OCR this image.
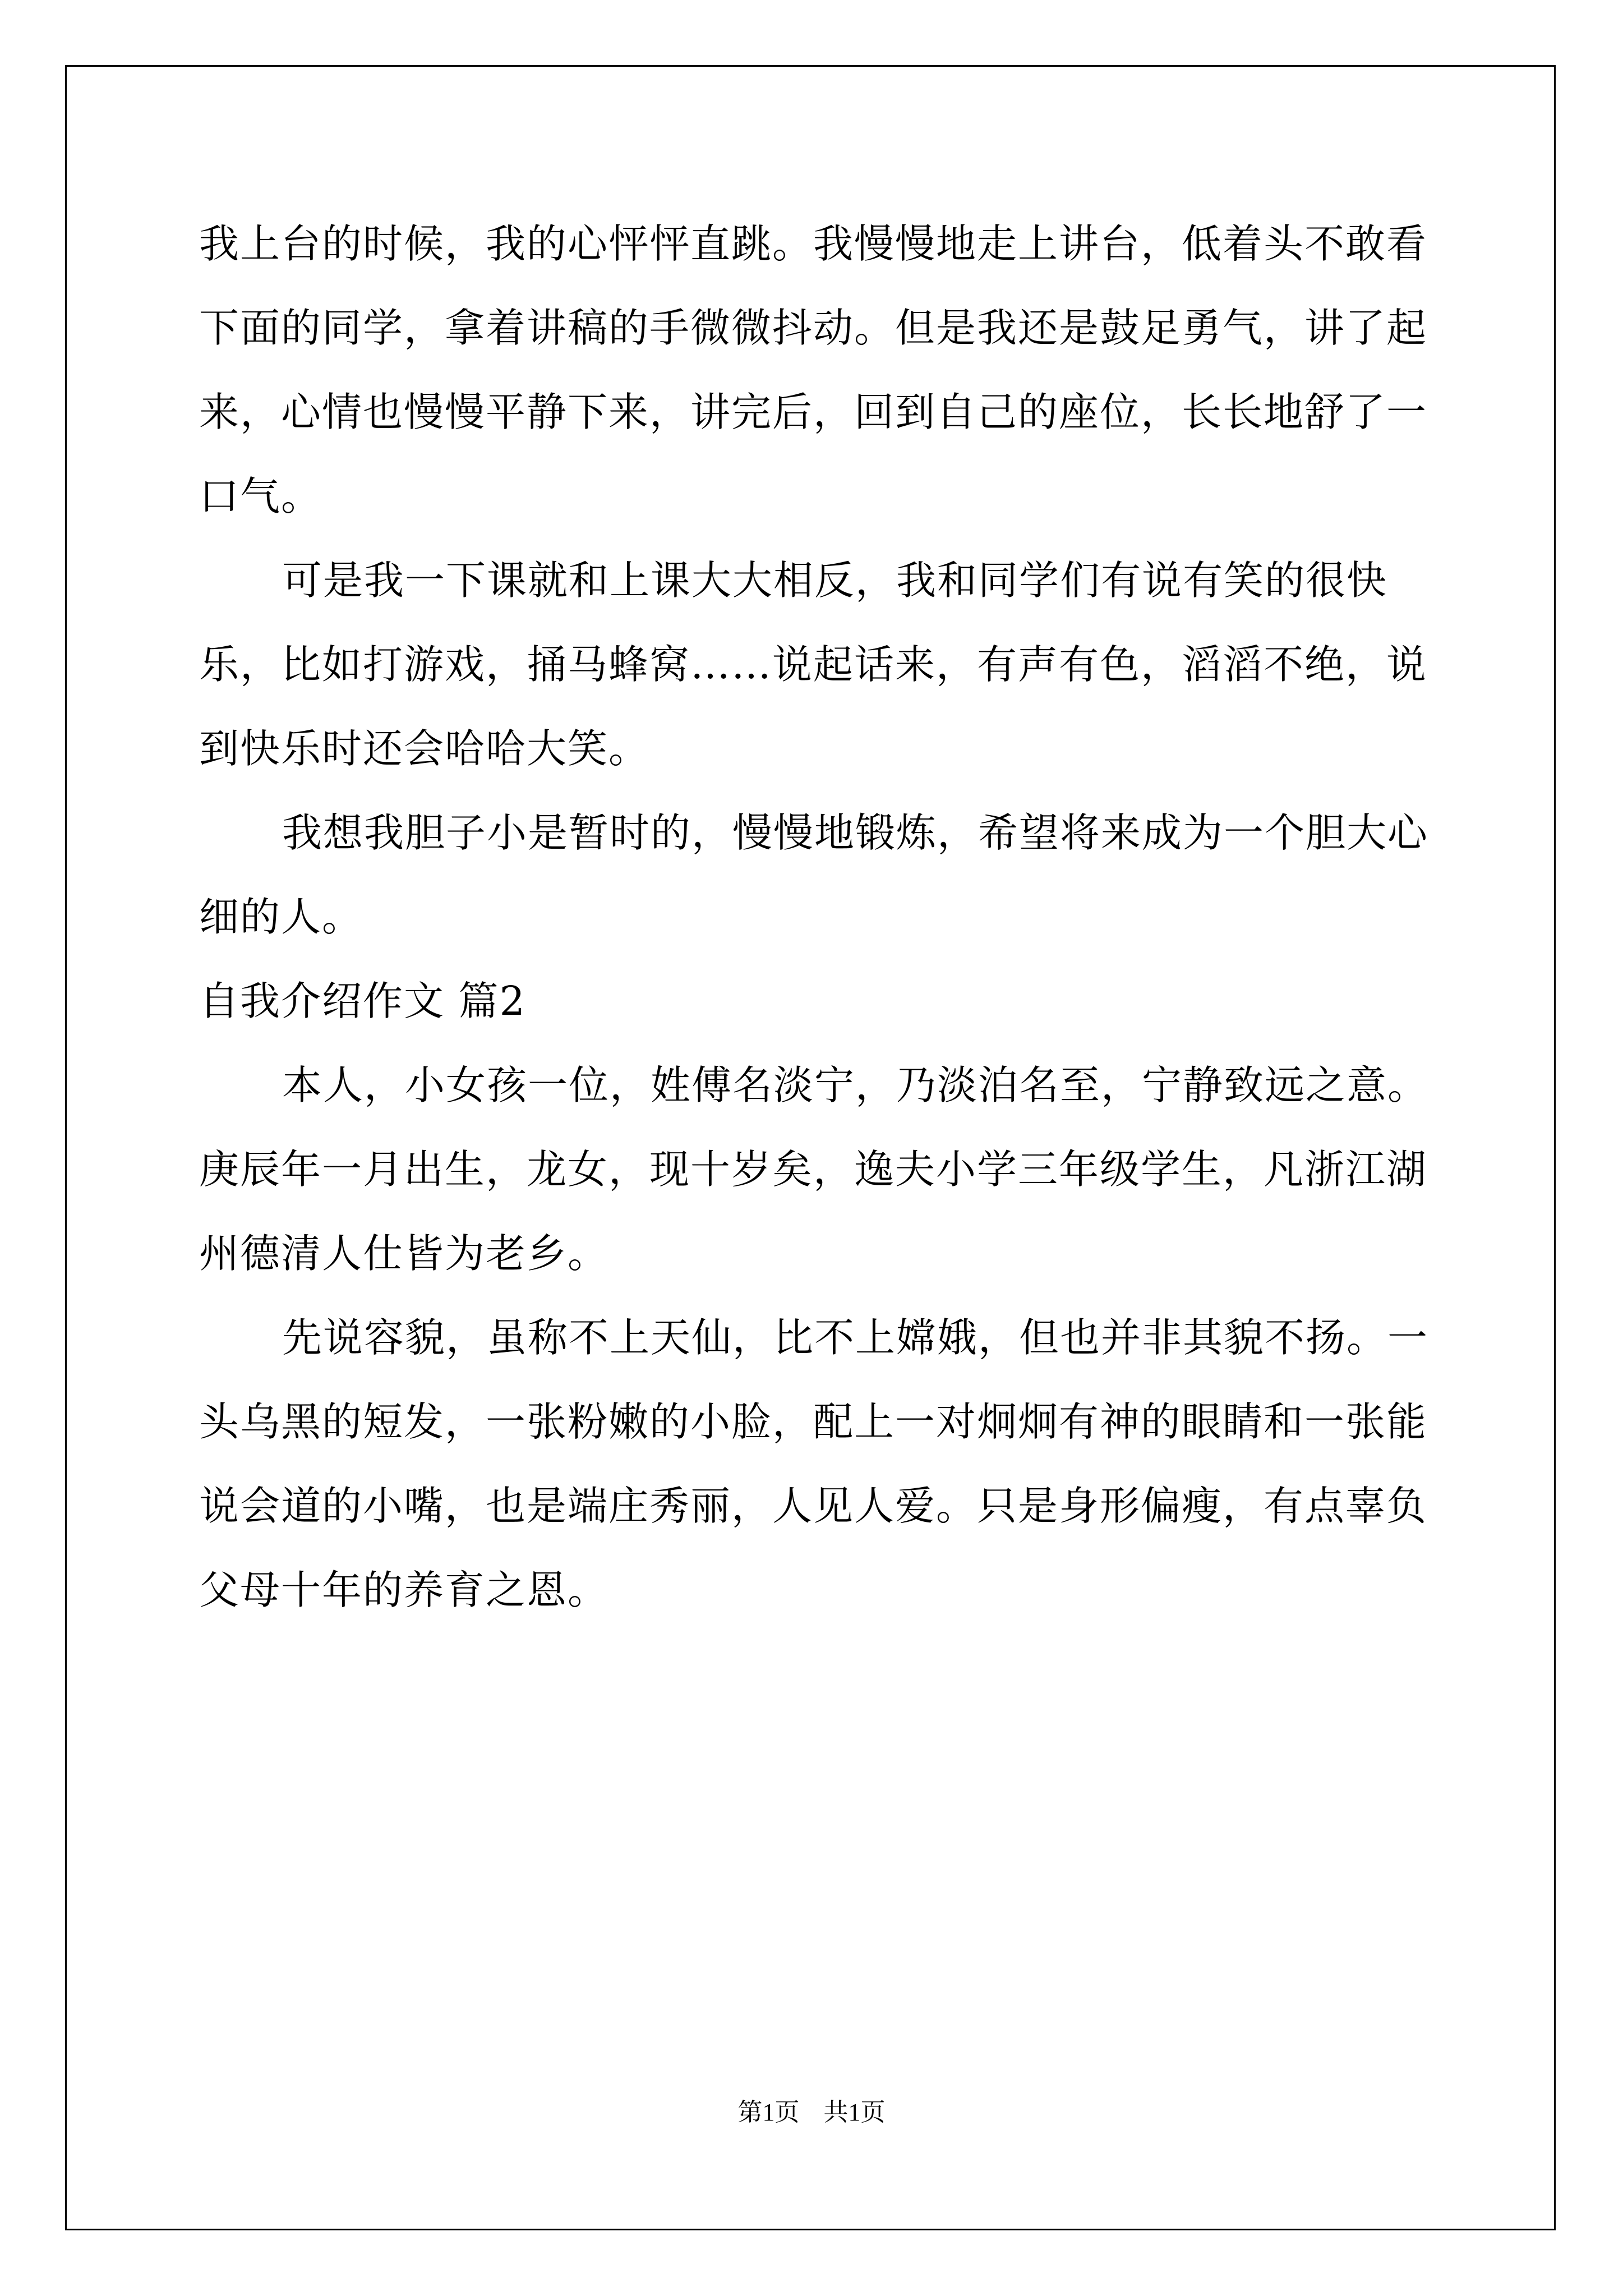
我上台的时候，我的心怦怦直跳。我慢慢地走上讲台，低着头不敢看下面的同学，拿着讲稿的手微微抖动。但是我还是鼓足勇气，讲了起来，心情也慢慢平静下来，讲完后，回到自己的座位，长长地舒了一口气。

可是我一下课就和上课大大相反，我和同学们有说有笑的很快乐，比如打游戏，捅马蜂窝……说起话来，有声有色，滔滔不绝，说到快乐时还会哈哈大笑。

我想我胆子小是暂时的，慢慢地锻炼，希望将来成为一个胆大心细的人。

自我介绍作文 篇2

本人，小女孩一位，姓傅名淡宁，乃淡泊名至，宁静致远之意。庚辰年一月出生，龙女，现十岁矣，逸夫小学三年级学生，凡浙江湖州德清人仕皆为老乡。

先说容貌，虽称不上天仙，比不上嫦娥，但也并非其貌不扬。一头乌黑的短发，一张粉嫩的小脸，配上一对炯炯有神的眼睛和一张能说会道的小嘴，也是端庄秀丽，人见人爱。只是身形偏瘦，有点辜负父母十年的养育之恩。

第1页 共1页
